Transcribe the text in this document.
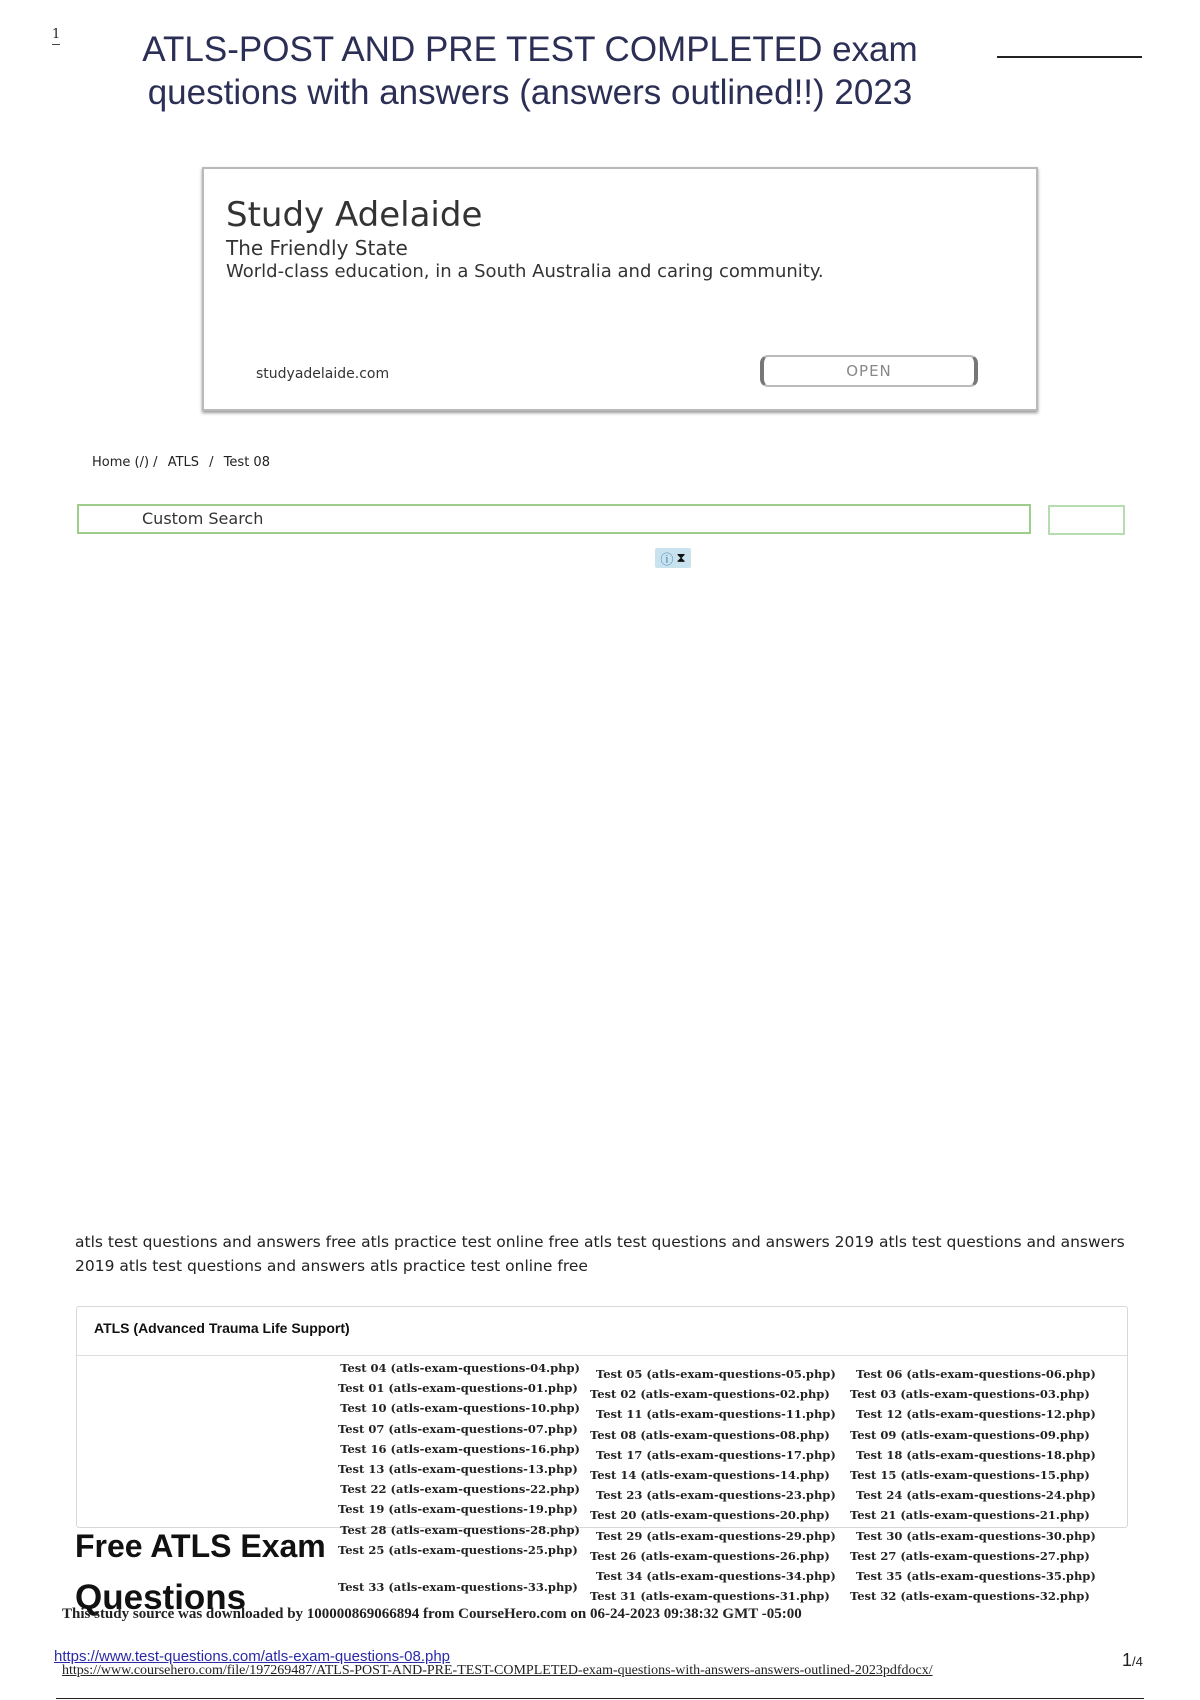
1	ATLS-POST AND PRE TEST COMPLETED exam questions with answers (answers outlined!!) 2023
Study Adelaide
The Friendly State
World-class education, in a South Australia and caring community.
studyadelaide.com	OPEN
Home (/) / ATLS / Test 08
Custom Search
ⓘ ⧗
atls test questions and answers free atls practice test online free atls test questions and answers 2019 atls test questions and answers 2019 atls test questions and answers atls practice test online free
ATLS (Advanced Trauma Life Support)
Test 04 (atls-exam-questions-04.php)
Test 01 (atls-exam-questions-01.php)
Test 10 (atls-exam-questions-10.php)
Test 07 (atls-exam-questions-07.php)
Test 16 (atls-exam-questions-16.php)
Test 13 (atls-exam-questions-13.php)
Test 22 (atls-exam-questions-22.php)
Test 19 (atls-exam-questions-19.php)
Test 28 (atls-exam-questions-28.php)
Test 25 (atls-exam-questions-25.php)
Test 33 (atls-exam-questions-33.php)
Test 05 (atls-exam-questions-05.php)
Test 02 (atls-exam-questions-02.php)
Test 11 (atls-exam-questions-11.php)
Test 08 (atls-exam-questions-08.php)
Test 17 (atls-exam-questions-17.php)
Test 14 (atls-exam-questions-14.php)
Test 23 (atls-exam-questions-23.php)
Test 20 (atls-exam-questions-20.php)
Test 29 (atls-exam-questions-29.php)
Test 26 (atls-exam-questions-26.php)
Test 34 (atls-exam-questions-34.php)
Test 31 (atls-exam-questions-31.php)
Test 06 (atls-exam-questions-06.php)
Test 03 (atls-exam-questions-03.php)
Test 12 (atls-exam-questions-12.php)
Test 09 (atls-exam-questions-09.php)
Test 18 (atls-exam-questions-18.php)
Test 15 (atls-exam-questions-15.php)
Test 24 (atls-exam-questions-24.php)
Test 21 (atls-exam-questions-21.php)
Test 30 (atls-exam-questions-30.php)
Test 27 (atls-exam-questions-27.php)
Test 35 (atls-exam-questions-35.php)
Test 32 (atls-exam-questions-32.php)
Free ATLS Exam
Questions
This study source was downloaded by 100000869066894 from CourseHero.com on 06-24-2023 09:38:32 GMT -05:00
https://www.test-questions.com/atls-exam-questions-08.php
https://www.coursehero.com/file/197269487/ATLS-POST-AND-PRE-TEST-COMPLETED-exam-questions-with-answers-answers-outlined-2023pdfdocx/
1/4
